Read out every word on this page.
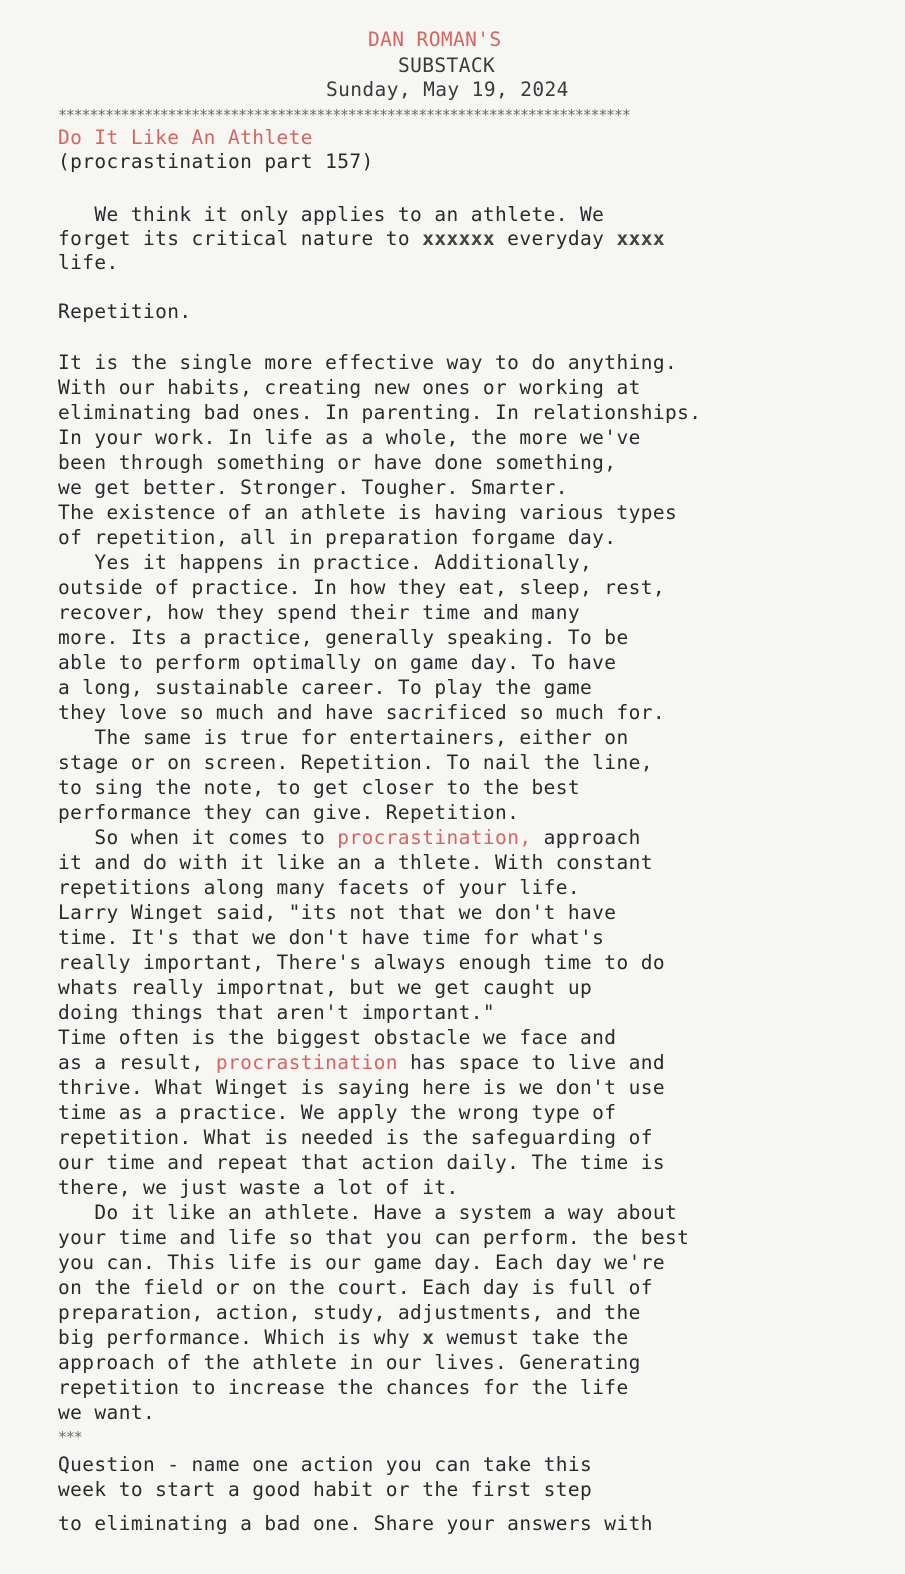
DAN ROMAN'S
SUBSTACK
Sunday, May 19, 2024
*************************************************************************
Do It Like An Athlete
(procrastination part 157)
We think it only applies to an athlete. We
forget its critical nature to xxxxxx everyday xxxx
life.
Repetition.
It is the single more effective way to do anything.
With our habits, creating new ones or working at
eliminating bad ones. In parenting. In relationships.
In your work. In life as a whole, the more we've
been through something or have done something,
we get better. Stronger. Tougher. Smarter.
The existence of an athlete is having various types
of repetition, all in preparation forgame day.
Yes it happens in practice. Additionally,
outside of practice. In how they eat, sleep, rest,
recover, how they spend their time and many
more. Its a practice, generally speaking. To be
able to perform optimally on game day. To have
a long, sustainable career. To play the game
they love so much and have sacrificed so much for.
The same is true for entertainers, either on
stage or on screen. Repetition. To nail the line,
to sing the note, to get closer to the best
performance they can give. Repetition.
So when it comes to procrastination, approach
it and do with it like an a thlete. With constant
repetitions along many facets of your life.
Larry Winget said, "its not that we don't have
time. It's that we don't have time for what's
really important, There's always enough time to do
whats really importnat, but we get caught up
doing things that aren't important."
Time often is the biggest obstacle we face and
as a result, procrastination has space to live and
thrive. What Winget is saying here is we don't use
time as a practice. We apply the wrong type of
repetition. What is needed is the safeguarding of
our time and repeat that action daily. The time is
there, we just waste a lot of it.
Do it like an athlete. Have a system a way about
your time and life so that you can perform. the best
you can. This life is our game day. Each day we're
on the field or on the court. Each day is full of
preparation, action, study, adjustments, and the
big performance. Which is why x wemust take the
approach of the athlete in our lives. Generating
repetition to increase the chances for the life
we want.
***
Question - name one action you can take this
week to start a good habit or the first step
to eliminating a bad one. Share your answers with
